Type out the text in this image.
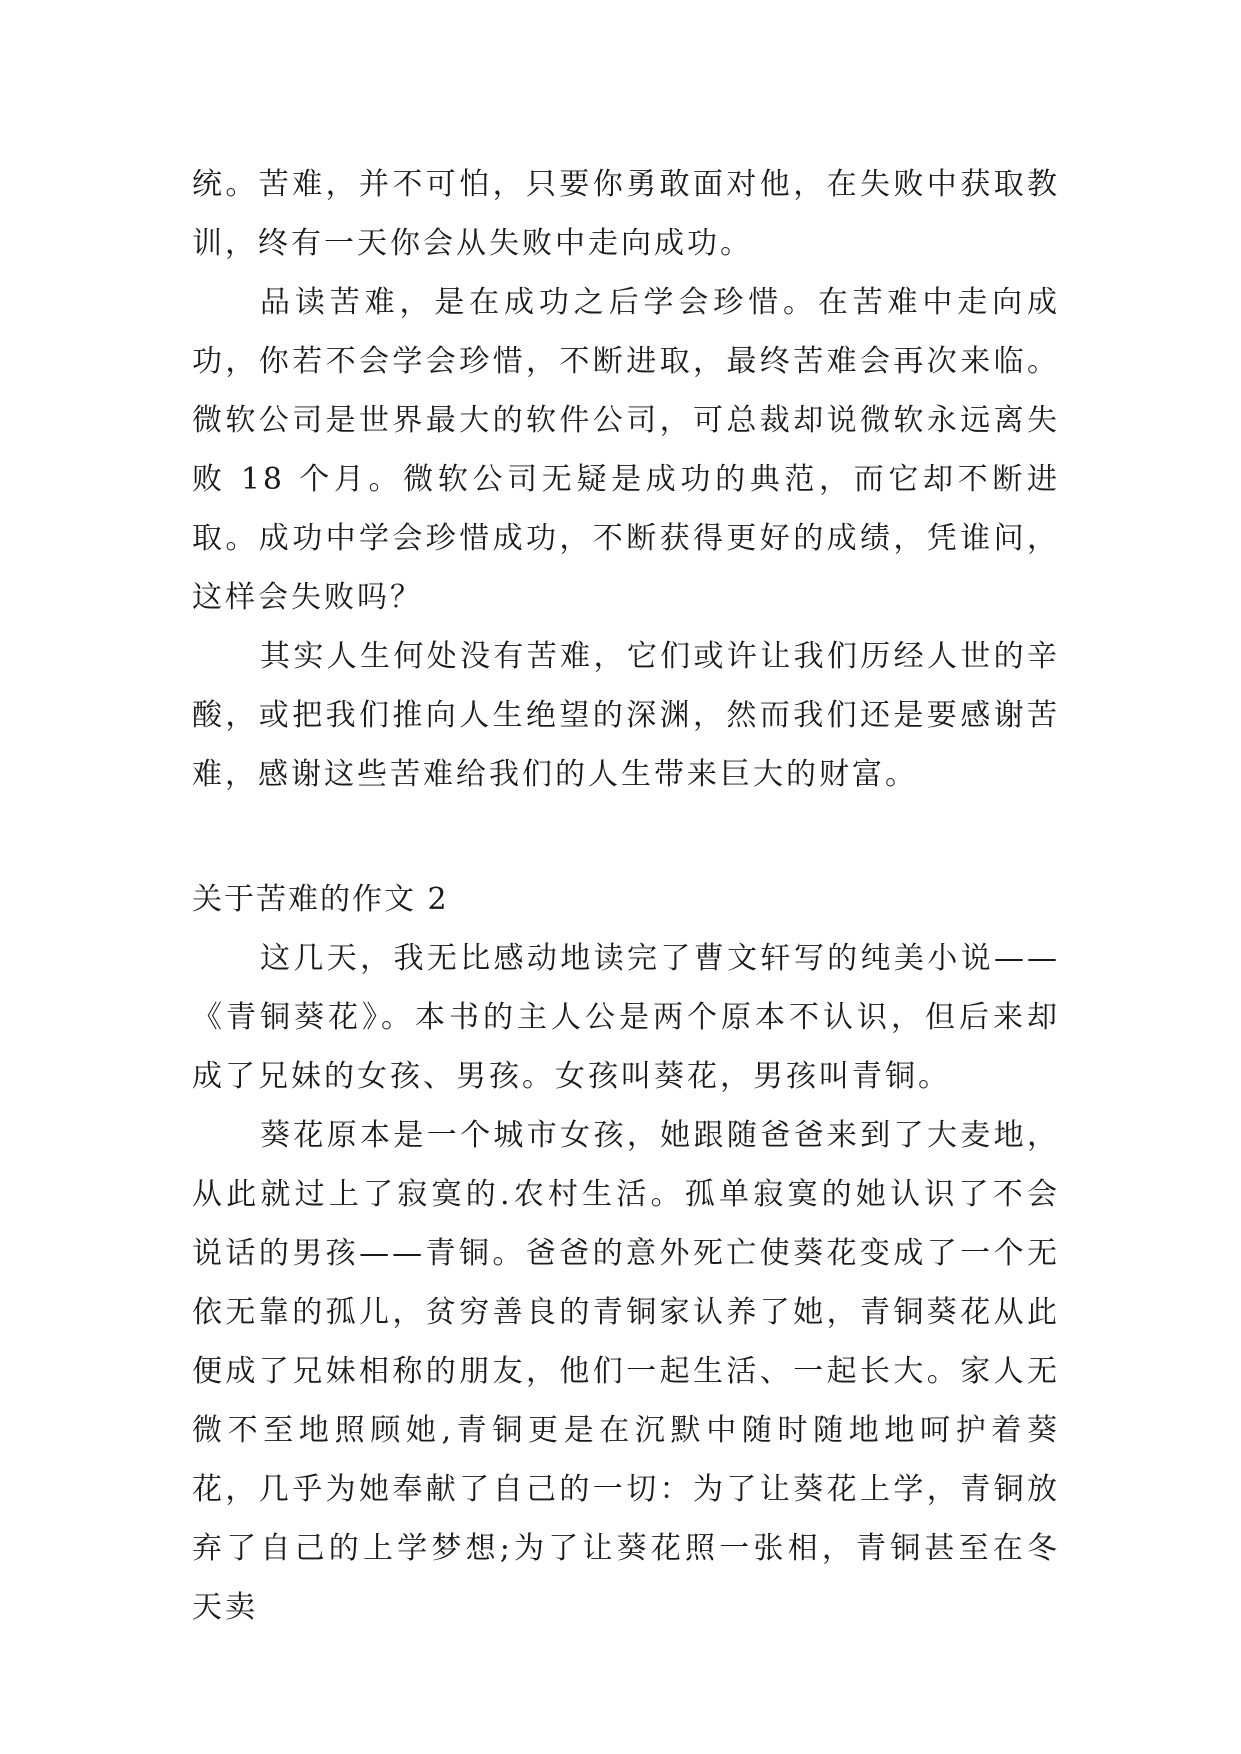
统。苦难，并不可怕，只要你勇敢面对他，在失败中获取教训，终有一天你会从失败中走向成功。

品读苦难，是在成功之后学会珍惜。在苦难中走向成功，你若不会学会珍惜，不断进取，最终苦难会再次来临。微软公司是世界最大的软件公司，可总裁却说微软永远离失败 18 个月。微软公司无疑是成功的典范，而它却不断进取。成功中学会珍惜成功，不断获得更好的成绩，凭谁问，这样会失败吗？

其实人生何处没有苦难，它们或许让我们历经人世的辛酸，或把我们推向人生绝望的深渊，然而我们还是要感谢苦难，感谢这些苦难给我们的人生带来巨大的财富。

关于苦难的作文 2

这几天，我无比感动地读完了曹文轩写的纯美小说——《青铜葵花》。本书的主人公是两个原本不认识，但后来却成了兄妹的女孩、男孩。女孩叫葵花，男孩叫青铜。

葵花原本是一个城市女孩，她跟随爸爸来到了大麦地，从此就过上了寂寞的.农村生活。孤单寂寞的她认识了不会说话的男孩——青铜。爸爸的意外死亡使葵花变成了一个无依无靠的孤儿，贫穷善良的青铜家认养了她，青铜葵花从此便成了兄妹相称的朋友，他们一起生活、一起长大。家人无微不至地照顾她,青铜更是在沉默中随时随地地呵护着葵花，几乎为她奉献了自己的一切：为了让葵花上学，青铜放弃了自己的上学梦想;为了让葵花照一张相，青铜甚至在冬天卖
